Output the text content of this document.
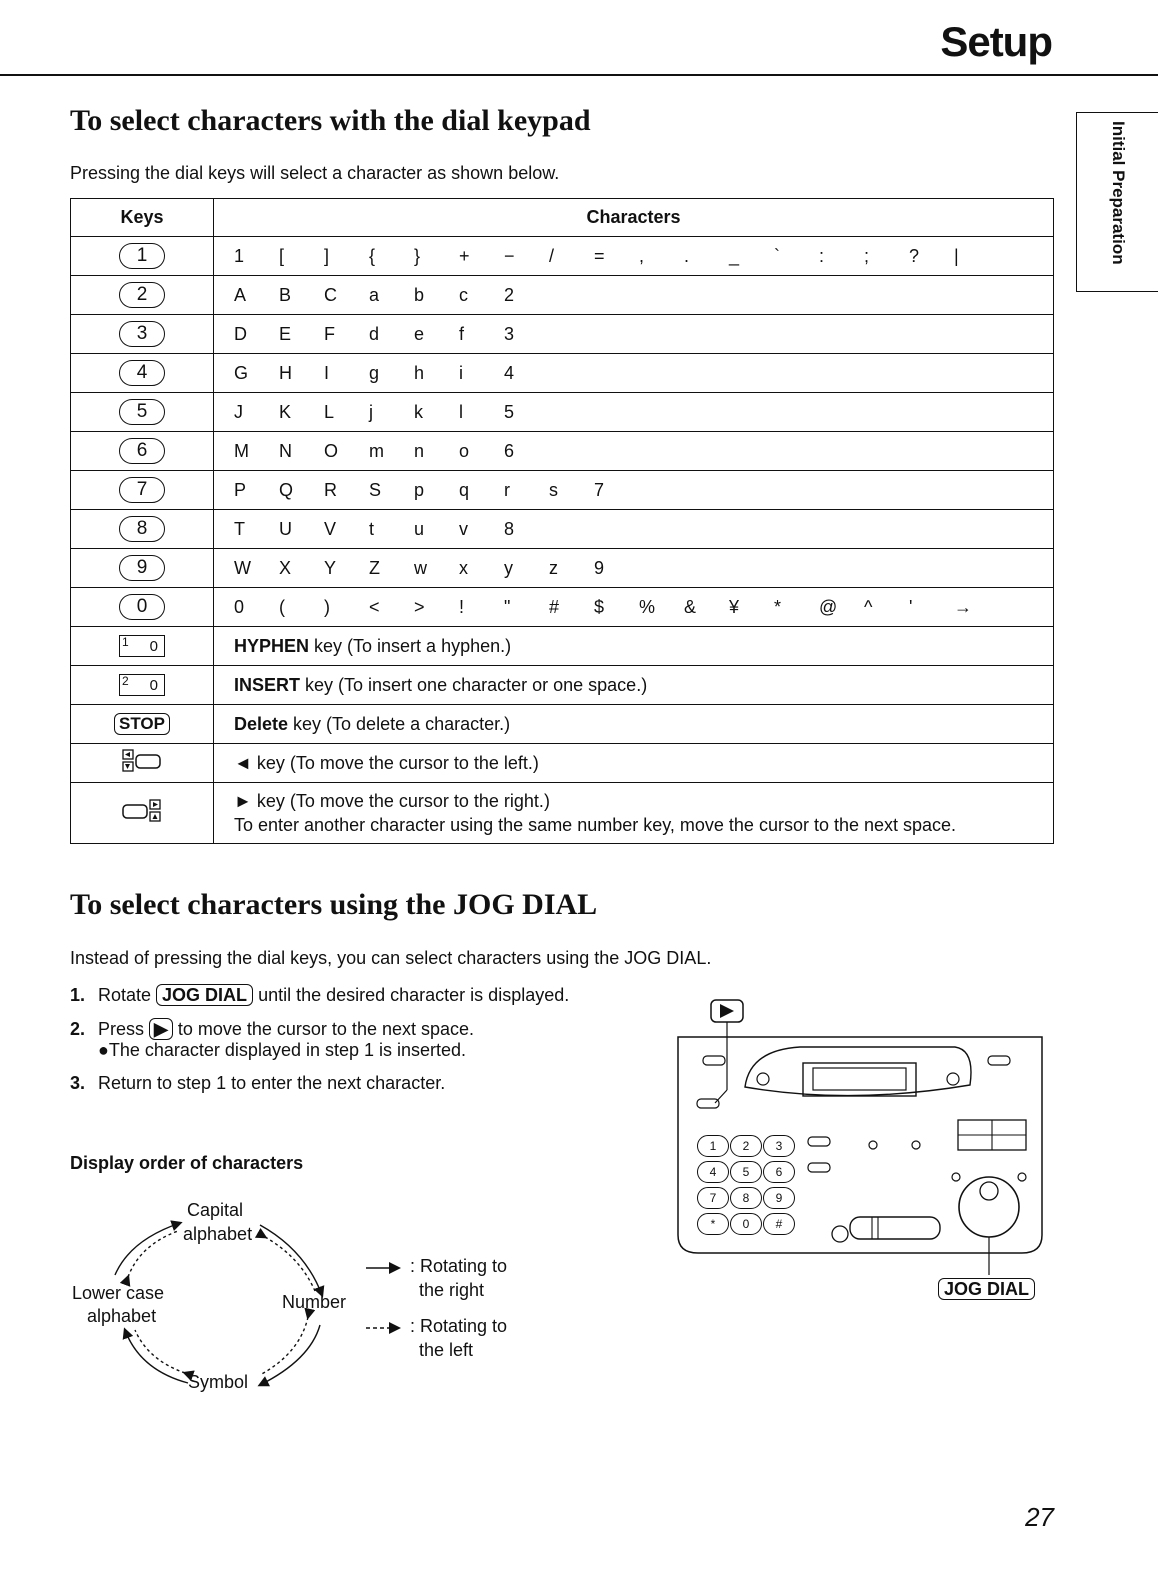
Setup
Initial Preparation
To select characters with the dial keypad
Pressing the dial keys will select a character as shown below.
Keys	Characters
1	1 [ ] { } + − / = , . _ ` : ; ? |
2	A B C a b c 2
3	D E F d e f 3
4	G H I g h i 4
5	J K L j k l 5
6	M N O m n o 6
7	P Q R S p q r s 7
8	T U V t u v 8
9	W X Y Z w x y z 9
0	0 ( ) < > ! " # $ % & ¥ * @ ^ ' →

1 0	HYPHEN key (To insert a hyphen.)

2 0	INSERT key (To insert one character or one space.)
STOP	Delete key (To delete a character.)
	◄ key (To move the cursor to the left.)

► key (To move the cursor to the right.)
To enter another character using the same number key, move the cursor to the next space.
To select characters using the JOG DIAL
Instead of pressing the dial keys, you can select characters using the JOG DIAL.
1. Rotate JOG DIAL until the desired character is displayed.
2. Press ▶ to move the cursor to the next space.
●The character displayed in step 1 is inserted.
3. Return to step 1 to enter the next character.
Display order of characters
Capital
alphabet
Number
Symbol
Lower case
alphabet
: Rotating to
the right
: Rotating to
the left
1	2	3
4	5	6
7	8	9
*	0	#
JOG DIAL
27
